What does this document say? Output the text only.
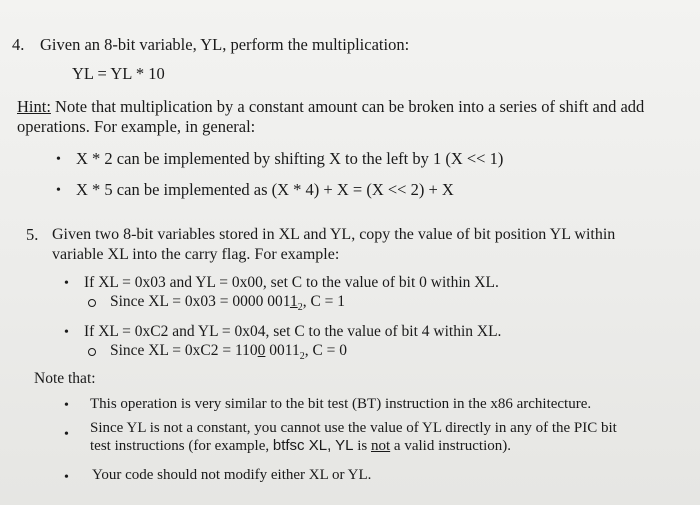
4. Given an 8-bit variable, YL, perform the multiplication:
YL = YL * 10
Hint: Note that multiplication by a constant amount can be broken into a series of shift and add
operations. For example, in general:
• X * 2 can be implemented by shifting X to the left by 1 (X << 1)
• X * 5 can be implemented as (X * 4) + X = (X << 2) + X
5. Given two 8-bit variables stored in XL and YL, copy the value of bit position YL within
variable XL into the carry flag. For example:
• If XL = 0x03 and YL = 0x00, set C to the value of bit 0 within XL.
Since XL = 0x03 = 0000 $0011_2$, C = 1
• If XL = 0xC2 and YL = 0x04, set C to the value of bit 4 within XL.
Since XL = 0xC2 = 1100 $0011_2$, C = 0
Note that:
• This operation is very similar to the bit test (BT) instruction in the x86 architecture.
• Since YL is not a constant, you cannot use the value of YL directly in any of the PIC bit
test instructions (for example, btfsc XL, YL is not a valid instruction).
• Your code should not modify either XL or YL.
